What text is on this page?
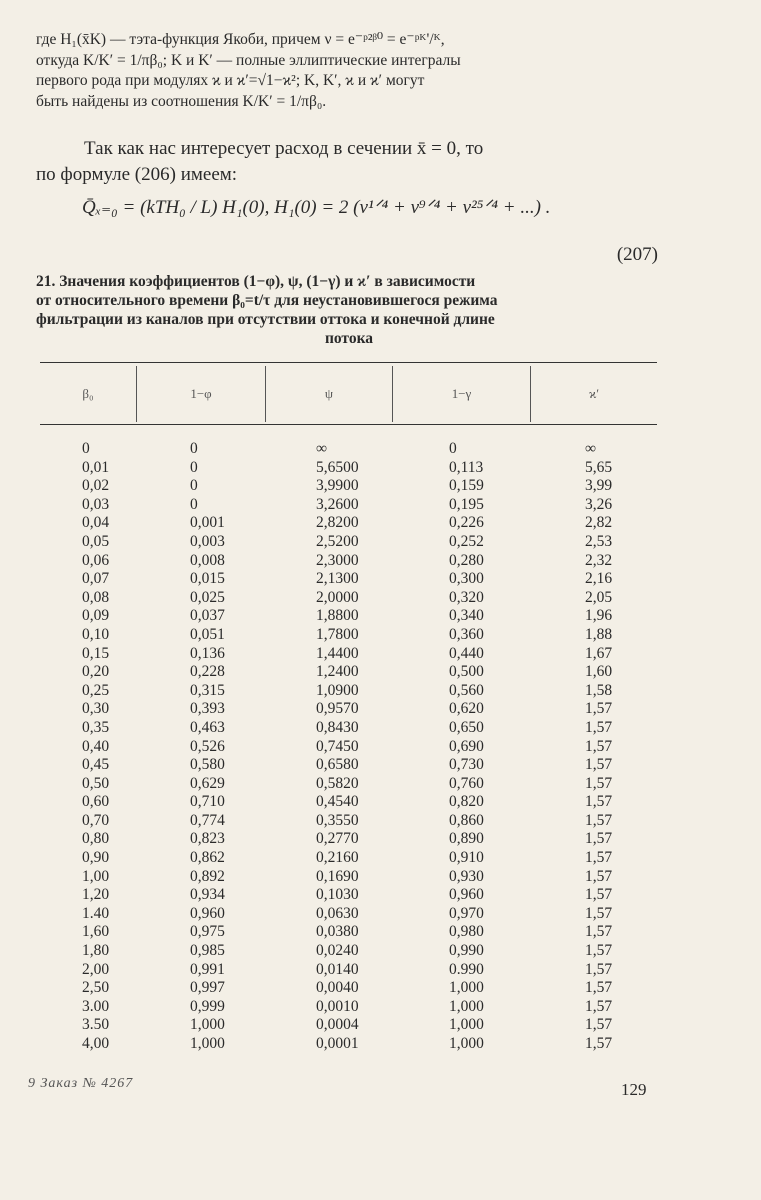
где H₁(x̄K) — тэта-функция Якоби, причем ν = e⁻ᵖ²ᵝ⁰ = e⁻ᵖᴷ'/ᴷ,
откуда K/K′ = 1/πβ₀; K и K′ — полные эллиптические интегралы
первого рода при модулях ϰ и ϰ′=√1−ϰ²; K, K′, ϰ и ϰ′ могут
быть найдены из соотношения K/K′ = 1/πβ₀.
Так как нас интересует расход в сечении x̄ = 0, то
по формуле (206) имеем:
Q̄ₓ₌₀ = (kTH₀ / L) H₁(0), H₁(0) = 2 (ν¹ᐟ⁴ + ν⁹ᐟ⁴ + ν²⁵ᐟ⁴ + ...) .
(207)
21. Значения коэффициентов (1−φ), ψ, (1−γ) и ϰ′ в зависимости
от относительного времени β₀=t/τ для неустановившегося режима
фильтрации из каналов при отсутствии оттока и конечной длине
потока
β₀	1−φ	ψ	1−γ	ϰ′
0	0	∞	0	∞
0,01	0	5,6500	0,113	5,65
0,02	0	3,9900	0,159	3,99
0,03	0	3,2600	0,195	3,26
0,04	0,001	2,8200	0,226	2,82
0,05	0,003	2,5200	0,252	2,53
0,06	0,008	2,3000	0,280	2,32
0,07	0,015	2,1300	0,300	2,16
0,08	0,025	2,0000	0,320	2,05
0,09	0,037	1,8800	0,340	1,96
0,10	0,051	1,7800	0,360	1,88
0,15	0,136	1,4400	0,440	1,67
0,20	0,228	1,2400	0,500	1,60
0,25	0,315	1,0900	0,560	1,58
0,30	0,393	0,9570	0,620	1,57
0,35	0,463	0,8430	0,650	1,57
0,40	0,526	0,7450	0,690	1,57
0,45	0,580	0,6580	0,730	1,57
0,50	0,629	0,5820	0,760	1,57
0,60	0,710	0,4540	0,820	1,57
0,70	0,774	0,3550	0,860	1,57
0,80	0,823	0,2770	0,890	1,57
0,90	0,862	0,2160	0,910	1,57
1,00	0,892	0,1690	0,930	1,57
1,20	0,934	0,1030	0,960	1,57
1.40	0,960	0,0630	0,970	1,57
1,60	0,975	0,0380	0,980	1,57
1,80	0,985	0,0240	0,990	1,57
2,00	0,991	0,0140	0.990	1,57
2,50	0,997	0,0040	1,000	1,57
3.00	0,999	0,0010	1,000	1,57
3.50	1,000	0,0004	1,000	1,57
4,00	1,000	0,0001	1,000	1,57
9 Заказ № 4267	129
